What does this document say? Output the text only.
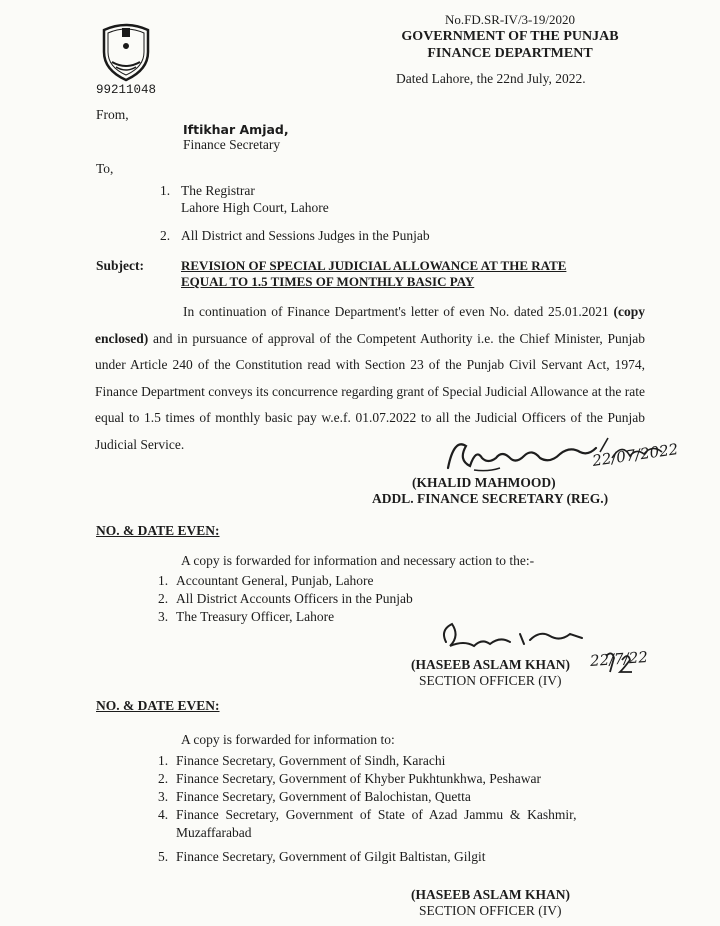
99211048
No.FD.SR-IV/3-19/2020
GOVERNMENT OF THE PUNJAB
FINANCE DEPARTMENT
Dated Lahore, the 22nd July, 2022.
From,
Iftikhar Amjad,
Finance Secretary
To,
1. The Registrar
Lahore High Court, Lahore
2. All District and Sessions Judges in the Punjab
Subject:	REVISION OF SPECIAL JUDICIAL ALLOWANCE AT THE RATE
EQUAL TO 1.5 TIMES OF MONTHLY BASIC PAY
In continuation of Finance Department's letter of even No. dated 25.01.2021 (copy enclosed) and in pursuance of approval of the Competent Authority i.e. the Chief Minister, Punjab under Article 240 of the Constitution read with Section 23 of the Punjab Civil Servant Act, 1974, Finance Department conveys its concurrence regarding grant of Special Judicial Allowance at the rate equal to 1.5 times of monthly basic pay w.e.f. 01.07.2022 to all the Judicial Officers of the Punjab Judicial Service.
(KHALID MAHMOOD)
ADDL. FINANCE SECRETARY (REG.)
NO. & DATE EVEN:
A copy is forwarded for information and necessary action to the:-
1. Accountant General, Punjab, Lahore
2. All District Accounts Officers in the Punjab
3. The Treasury Officer, Lahore
(HASEEB ASLAM KHAN)
SECTION OFFICER (IV)
NO. & DATE EVEN:
A copy is forwarded for information to:
1. Finance Secretary, Government of Sindh, Karachi
2. Finance Secretary, Government of Khyber Pukhtunkhwa, Peshawar
3. Finance Secretary, Government of Balochistan, Quetta
4. Finance  Secretary,  Government  of  State  of  Azad  Jammu  &  Kashmir,
Muzaffarabad
5. Finance Secretary, Government of Gilgit Baltistan, Gilgit
(HASEEB ASLAM KHAN)
SECTION OFFICER (IV)
22/07/2022
22/7/22
